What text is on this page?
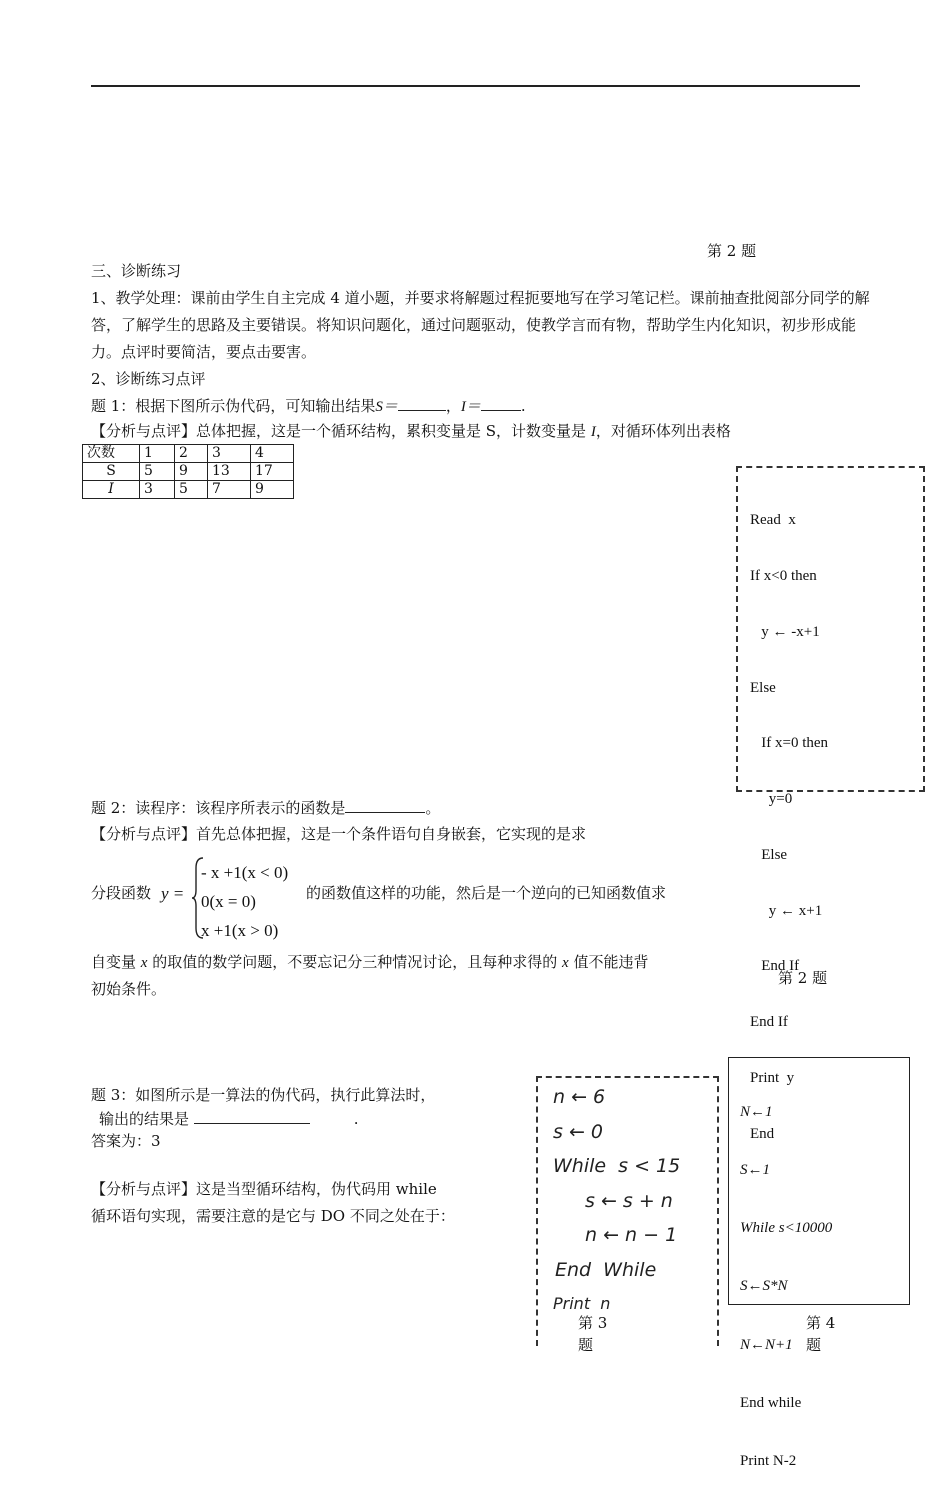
第 2 题
三、诊断练习
1、教学处理：课前由学生自主完成 4 道小题，并要求将解题过程扼要地写在学习笔记栏。课前抽查批阅部分同学的解答，了解学生的思路及主要错误。将知识问题化，通过问题驱动，使教学言而有物，帮助学生内化知识，初步形成能力。点评时要简洁，要点击要害。
2、诊断练习点评
题 1：根据下图所示伪代码，可知输出结果S＝	，I＝	.
【分析与点评】总体把握，这是一个循环结构，累积变量是 S，计数变量是 I，对循环体列出表格
次数	1	2	3	4
S	5	9	13	17
I	3	5	7	9

Read  x

If x<0 then

y ← -x+1

Else

If x=0 then

y=0

Else

y ← x+1

End If

End If

Print  y

End

题 2：读程序：该程序所表示的函数是	。
【分析与点评】首先总体把握，这是一个条件语句自身嵌套，它实现的是求
分段函数 y =
- x +1(x < 0)
0(x = 0)
x +1(x > 0)
的函数值这样的功能，然后是一个逆向的已知函数值求
自变量 x 的取值的数学问题，不要忘记分三种情况讨论，且每种求得的 x 值不能违背
初始条件。
第 2 题
题 3：如图所示是一算法的伪代码，执行此算法时，
输出的结果是	.
答案为：3
【分析与点评】这是当型循环结构，伪代码用 while
循环语句实现，需要注意的是它与 DO 不同之处在于：
n ← 6
s ← 0
While  s < 15
s ← s + n
n ← n − 1
End  While
Print  n
第 3
题

N←1

S←1

While s<10000

S←S*N

N←N+1

End while

Print N-2

第 4
题
